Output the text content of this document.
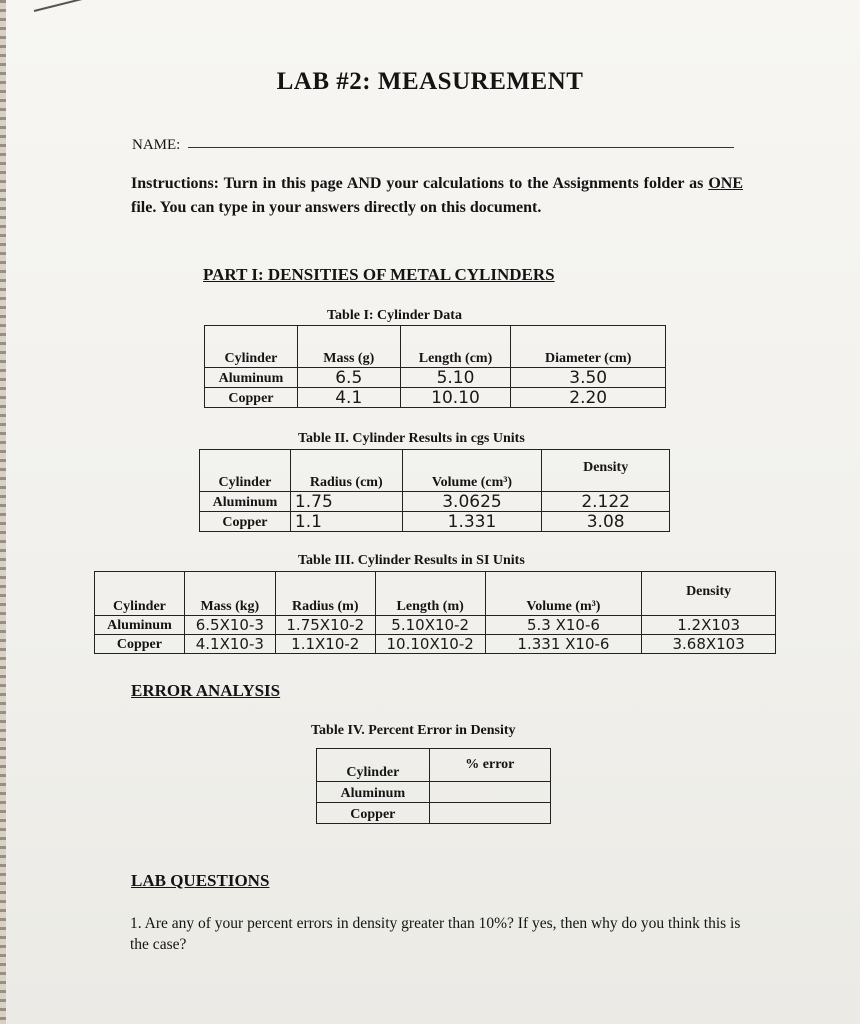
LAB #2: MEASUREMENT
NAME:
Instructions: Turn in this page AND your calculations to the Assignments folder as ONE file. You can type in your answers directly on this document.
PART I: DENSITIES OF METAL CYLINDERS
Table I: Cylinder Data
Cylinder	Mass (g)	Length (cm)	Diameter (cm)
Aluminum	6.5	5.10	3.50
Copper	4.1	10.10	2.20
Table II. Cylinder Results in cgs Units
Cylinder	Radius (cm)	Volume (cm³)	Density
Aluminum	1.75	3.0625	2.122
Copper	1.1	1.331	3.08
Table III. Cylinder Results in SI Units
Cylinder	Mass (kg)	Radius (m)	Length (m)	Volume (m³)	Density
Aluminum	6.5X10-3	1.75X10-2	5.10X10-2	5.3 X10-6	1.2X103
Copper	4.1X10-3	1.1X10-2	10.10X10-2	1.331 X10-6	3.68X103
ERROR ANALYSIS
Table IV. Percent Error in Density
Cylinder	% error
Aluminum	
Copper	
LAB QUESTIONS
1. Are any of your percent errors in density greater than 10%? If yes, then why do you think this is the case?
